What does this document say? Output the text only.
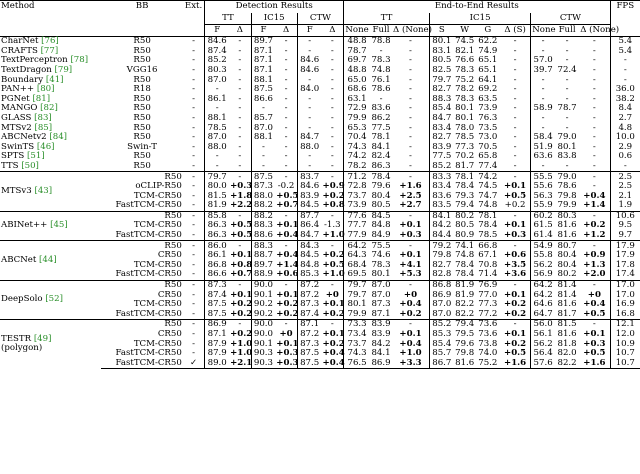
Method	BB	Ext.	Detection Results						End-to-End Results										FPS
			TT		IC15		CTW		TT			IC15				CTW			
			F	Δ	F	Δ	F	Δ	None	Full	Δ (None)	S	W	G	Δ (S)	None	Full	Δ (None)	
CharNet [76]	R50	-	84.6	-	89.7	-	-	-	48.8	78.8	-	80.1	74.5	62.2	-	-	-	-	5.4
CRAFTS [77]	R50	-	87.4	-	87.1	-	-	-	78.7	-	-	83.1	82.1	74.9	-	-	-	-	5.4
TextPerceptron [78]	R50	-	85.2	-	87.1	-	84.6	-	69.7	78.3	-	80.5	76.6	65.1	-	57.0	-	-	-
TextDragon [79]	VGG16	-	80.3	-	87.1	-	84.6	-	48.8	74.8	-	82.5	78.3	65.1	-	39.7	72.4	-	-
Boundary [41]	R50	-	87.0	-	88.1	-	-	-	65.0	76.1	-	79.7	75.2	64.1	-	-	-	-	-
PAN++ [80]	R18	-	-	-	87.5	-	84.0	-	68.6	78.6	-	82.7	78.2	69.2	-	-	-	-	36.0
PGNet [81]	R50	-	86.1	-	86.6	-	-	-	63.1	-	-	88.3	78.3	63.5	-	-	-	-	38.2
MANGO [82]	R50	-	-	-	-	-	-	-	72.9	83.6	-	85.4	80.1	73.9	-	58.9	78.7	-	8.4
GLASS [83]	R50	-	88.1	-	85.7	-	-	-	79.9	86.2	-	84.7	80.1	76.3	-	-	-	-	2.7
MTSv2 [85]	R50	-	78.5	-	87.0	-	-	-	65.3	77.5	-	83.4	78.0	73.5	-	-	-	-	4.8
ABCNetv2 [84]	R50	-	87.0	-	88.1	-	84.7	-	70.4	78.1	-	82.7	78.5	73.0	-	58.4	79.0	-	10.0
SwinTS [46]	Swin-T	-	88.0	-	-	-	88.0	-	74.3	84.1	-	83.9	77.3	70.5	-	51.9	80.1	-	2.9
SPTS [51]	R50	-	-	-	-	-	-	-	74.2	82.4	-	77.5	70.2	65.8	-	63.6	83.8	-	0.6
TTS [50]	R50	-	-	-	-	-	-	-	78.2	86.3	-	85.2	81.7	77.4	-	-	-	-	-
MTSv3 [43]	R50	-	79.7	-	87.5	-	83.7	-	71.2	78.4	-	83.3	78.1	74.2	-	55.5	79.0	-	2.5
	oCLIP-R50	-	80.0	+0.3	87.3	-0.2	84.6	+0.9	72.8	79.6	+1.6	83.4	78.4	74.5	+0.1	55.6	78.6	-	2.5
	TCM-CR50	-	81.5	+1.8	88.0	+0.5	83.9	+0.2	73.7	80.4	+2.5	83.6	79.3	74.7	+0.5	56.3	79.8	+0.4	2.1
	FastTCM-CR50	-	81.9	+2.2	88.2	+0.7	84.5	+0.8	73.9	80.5	+2.7	83.5	79.4	74.8	+0.2	55.9	79.9	+1.4	1.9
ABINet++ [45]	R50	-	85.8	-	88.2	-	87.7	-	77.6	84.5	-	84.1	80.2	78.1	-	60.2	80.3	-	10.6
	TCM-CR50	-	86.3	+0.5	88.3	+0.1	86.4	-1.3	77.7	84.8	+0.1	84.2	80.5	78.4	+0.1	61.5	81.6	+0.2	9.5
	FastTCM-CR50	-	86.3	+0.5	88.6	+0.4	84.7	+1.0	77.9	84.9	+0.3	84.4	80.9	78.5	+0.3	61.4	81.6	+1.2	9.7
ABCNet [44]	R50	-	86.0	-	88.3	-	84.3	-	64.2	75.5	-	79.2	74.1	66.8	-	54.9	80.7	-	17.9
	CR50	-	86.1	+0.1	88.7	+0.4	84.5	+0.2	64.3	74.6	+0.1	79.8	74.8	67.1	+0.6	55.8	80.4	+0.9	17.9
	TCM-CR50	-	86.8	+0.8	89.7	+1.4	84.8	+0.5	68.4	78.3	+4.1	82.7	78.4	70.8	+3.5	56.2	80.4	+1.3	17.8
	FastTCM-CR50	-	86.6	+0.7	88.9	+0.6	85.3	+1.0	69.5	80.1	+5.3	82.8	78.4	71.4	+3.6	56.9	80.2	+2.0	17.4
DeepSolo [52]	R50	-	87.3	-	90.0	-	87.2	-	79.7	87.0	-	86.8	81.9	76.9	-	64.2	81.4	-	17.0
	CR50	-	87.4	+0.1	90.1	+0.1	87.2	+0	79.7	87.0	+0	86.9	81.9	77.0	+0.1	64.2	81.4	+0	17.0
	TCM-CR50	-	87.5	+0.2	90.2	+0.2	87.3	+0.1	80.1	87.3	+0.4	87.0	82.2	77.3	+0.2	64.6	81.6	+0.4	16.9
	FastTCM-CR50	-	87.5	+0.2	90.2	+0.2	87.4	+0.2	79.9	87.1	+0.2	87.0	82.2	77.2	+0.2	64.7	81.7	+0.5	16.8
TESTR [49]
(polygon)	R50	-	86.9	-	90.0	-	87.1	-	73.3	83.9	-	85.2	79.4	73.6	-	56.0	81.5	-	12.1
	CR50	-	87.1	+0.2	90.0	+0	87.2	+0.1	73.4	83.9	+0.1	85.3	79.5	73.6	+0.1	56.1	81.6	+0.1	12.0
	TCM-CR50	-	87.9	+1.0	90.1	+0.1	87.3	+0.2	73.7	84.2	+0.4	85.4	79.6	73.8	+0.2	56.2	81.8	+0.3	10.9
	FastTCM-CR50	-	87.9	+1.0	90.3	+0.3	87.5	+0.4	74.3	84.1	+1.0	85.7	79.8	74.0	+0.5	56.4	82.0	+0.5	10.7
	FastTCM-CR50	✓	89.0	+2.1	90.3	+0.3	87.5	+0.4	76.5	86.9	+3.3	86.7	81.6	75.2	+1.6	57.6	82.2	+1.6	10.7
